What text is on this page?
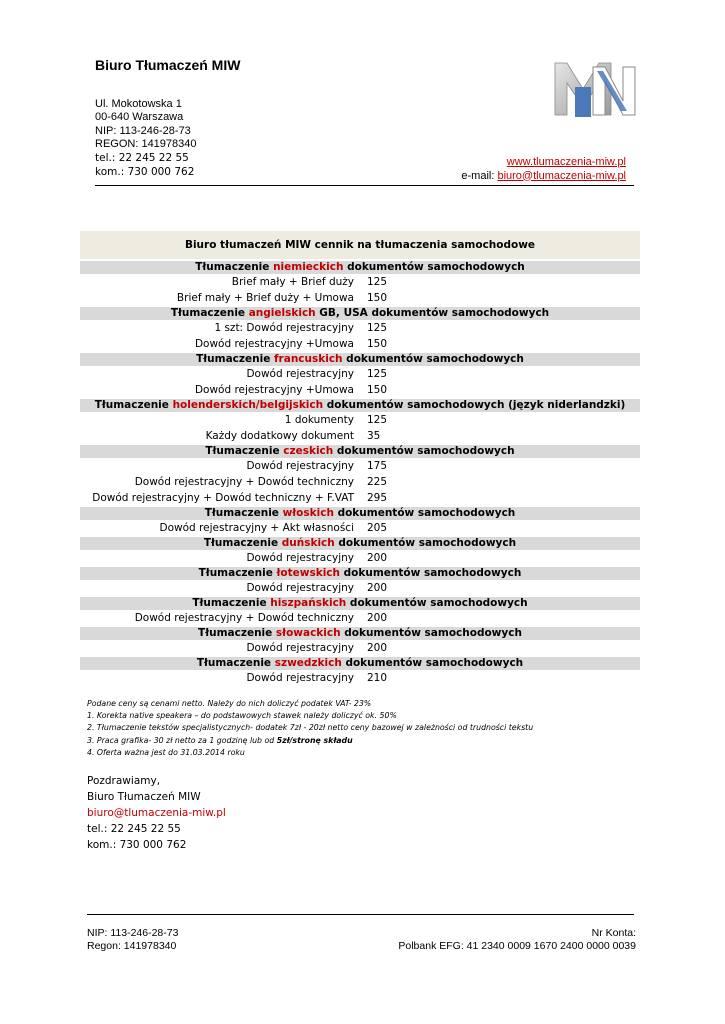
Biuro Tłumaczeń MIW
Ul. Mokotowska 1
00-640 Warszawa
NIP: 113-246-28-73
REGON: 141978340
tel.: 22 245 22 55
kom.: 730 000 762
www.tlumaczenia-miw.pl
e-mail: biuro@tlumaczenia-miw.pl
Biuro tłumaczeń MIW cennik na tłumaczenia samochodowe
Tłumaczenie niemieckich dokumentów samochodowych
Brief mały + Brief duży	125
Brief mały + Brief duży + Umowa	150
Tłumaczenie angielskich GB, USA dokumentów samochodowych
1 szt: Dowód rejestracyjny	125
Dowód rejestracyjny +Umowa	150
Tłumaczenie francuskich dokumentów samochodowych
Dowód rejestracyjny	125
Dowód rejestracyjny +Umowa	150
Tłumaczenie holenderskich/belgijskich dokumentów samochodowych (język niderlandzki)
1 dokumenty	125
Każdy dodatkowy dokument	35
Tłumaczenie czeskich dokumentów samochodowych
Dowód rejestracyjny	175
Dowód rejestracyjny + Dowód techniczny	225
Dowód rejestracyjny + Dowód techniczny + F.VAT	295
Tłumaczenie włoskich dokumentów samochodowych
Dowód rejestracyjny + Akt własności	205
Tłumaczenie duńskich dokumentów samochodowych
Dowód rejestracyjny	200
Tłumaczenie łotewskich dokumentów samochodowych
Dowód rejestracyjny	200
Tłumaczenie hiszpańskich dokumentów samochodowych
Dowód rejestracyjny + Dowód techniczny	200
Tłumaczenie słowackich dokumentów samochodowych
Dowód rejestracyjny	200
Tłumaczenie szwedzkich dokumentów samochodowych
Dowód rejestracyjny	210
Podane ceny są cenami netto. Należy do nich doliczyć podatek VAT- 23%
1. Korekta native speakera – do podstawowych stawek należy doliczyć ok. 50%
2. Tłumaczenie tekstów specjalistycznych- dodatek 7zł - 20zł netto ceny bazowej w zależności od trudności tekstu
3. Praca grafika- 30 zł netto za 1 godzinę lub od 5zł/stronę składu
4. Oferta ważna jest do 31.03.2014 roku
Pozdrawiamy,
Biuro Tłumaczeń MIW
biuro@tlumaczenia-miw.pl
tel.: 22 245 22 55
kom.: 730 000 762
NIP: 113-246-28-73
Regon: 141978340
Nr Konta:
Polbank EFG: 41 2340 0009 1670 2400 0000 0039
